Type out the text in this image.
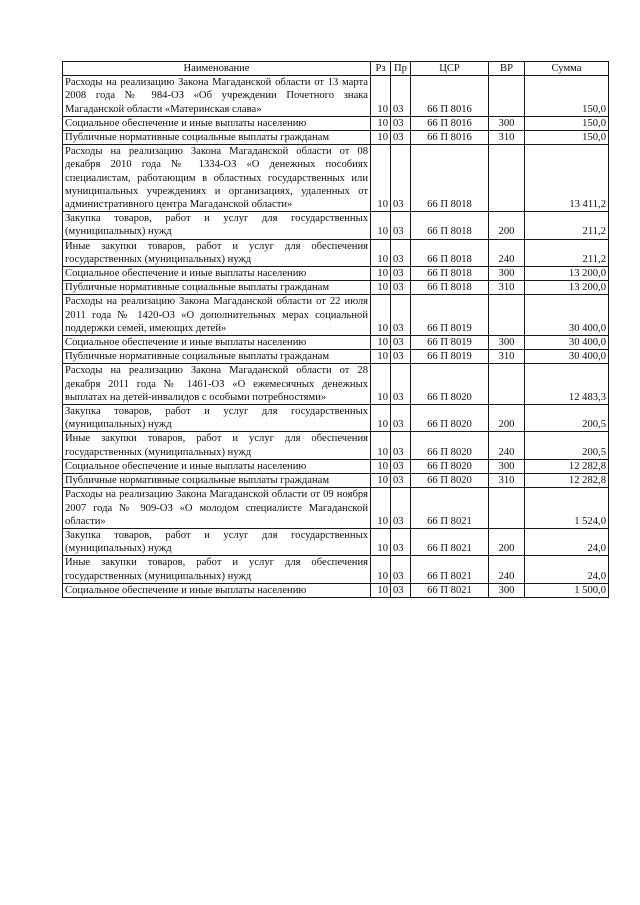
Наименование	Рз	Пр	ЦСР	ВР	Сумма
Расходы на реализацию Закона Магаданской области от 13 марта 2008 года № 984-ОЗ «Об учреждении Почетного знака Магаданской области «Материнская слава»	10	03	66 П 8016		150,0
Социальное обеспечение и иные выплаты населению	10	03	66 П 8016	300	150,0
Публичные нормативные социальные выплаты гражданам	10	03	66 П 8016	310	150,0
Расходы на реализацию Закона Магаданской области от 08 декабря 2010 года № 1334-ОЗ «О денежных пособиях специалистам, работающим в областных государственных или муниципальных учреждениях и организациях, удаленных от административного центра Магаданской области»	10	03	66 П 8018		13 411,2
Закупка товаров, работ и услуг для государственных (муниципальных) нужд	10	03	66 П 8018	200	211,2
Иные закупки товаров, работ и услуг для обеспечения государственных (муниципальных) нужд	10	03	66 П 8018	240	211,2
Социальное обеспечение и иные выплаты населению	10	03	66 П 8018	300	13 200,0
Публичные нормативные социальные выплаты гражданам	10	03	66 П 8018	310	13 200,0
Расходы на реализацию Закона Магаданской области от 22 июля 2011 года № 1420-ОЗ «О дополнительных мерах социальной поддержки семей, имеющих детей»	10	03	66 П 8019		30 400,0
Социальное обеспечение и иные выплаты населению	10	03	66 П 8019	300	30 400,0
Публичные нормативные социальные выплаты гражданам	10	03	66 П 8019	310	30 400,0
Расходы на реализацию Закона Магаданской области от 28 декабря 2011 года № 1461-ОЗ «О ежемесячных денежных выплатах на детей-инвалидов с особыми потребностями»	10	03	66 П 8020		12 483,3
Закупка товаров, работ и услуг для государственных (муниципальных) нужд	10	03	66 П 8020	200	200,5
Иные закупки товаров, работ и услуг для обеспечения государственных (муниципальных) нужд	10	03	66 П 8020	240	200,5
Социальное обеспечение и иные выплаты населению	10	03	66 П 8020	300	12 282,8
Публичные нормативные социальные выплаты гражданам	10	03	66 П 8020	310	12 282,8
Расходы на реализацию Закона Магаданской области от 09 ноября 2007 года № 909-ОЗ «О молодом специалисте Магаданской области»	10	03	66 П 8021		1 524,0
Закупка товаров, работ и услуг для государственных (муниципальных) нужд	10	03	66 П 8021	200	24,0
Иные закупки товаров, работ и услуг для обеспечения государственных (муниципальных) нужд	10	03	66 П 8021	240	24,0
Социальное обеспечение и иные выплаты населению	10	03	66 П 8021	300	1 500,0
